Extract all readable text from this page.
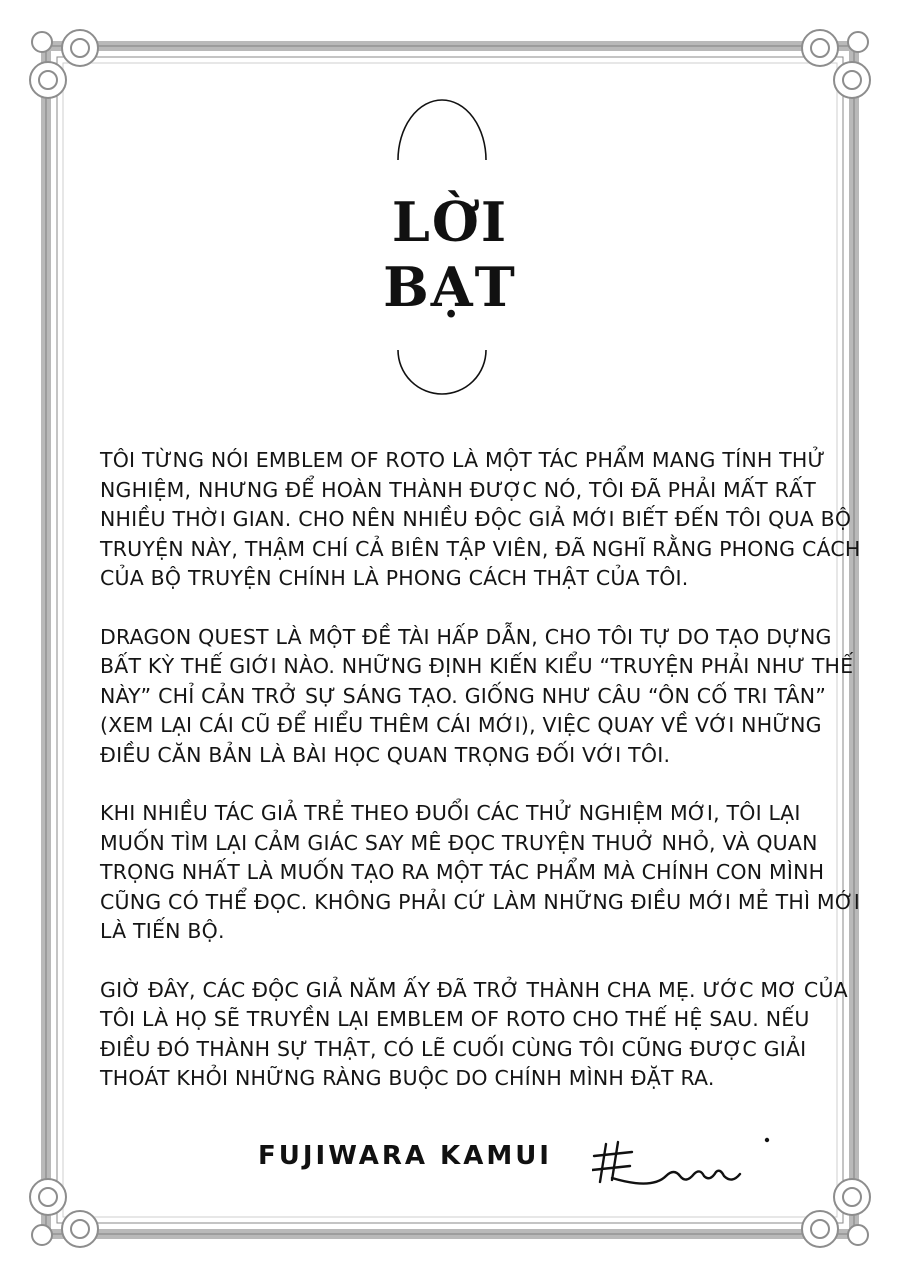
LỜI
BẠT

TÔI TỪNG NÓI EMBLEM OF ROTO LÀ MỘT TÁC PHẨM MANG TÍNH THỬ
NGHIỆM, NHƯNG ĐỂ HOÀN THÀNH ĐƯỢC NÓ, TÔI ĐÃ PHẢI MẤT RẤT
NHIỀU THỜI GIAN. CHO NÊN NHIỀU ĐỘC GIẢ MỚI BIẾT ĐẾN TÔI QUA BỘ
TRUYỆN NÀY, THẬM CHÍ CẢ BIÊN TẬP VIÊN, ĐÃ NGHĨ RẰNG PHONG CÁCH
CỦA BỘ TRUYỆN CHÍNH LÀ PHONG CÁCH THẬT CỦA TÔI.

DRAGON QUEST LÀ MỘT ĐỀ TÀI HẤP DẪN, CHO TÔI TỰ DO TẠO DỰNG
BẤT KỲ THẾ GIỚI NÀO. NHỮNG ĐỊNH KIẾN KIỂU “TRUYỆN PHẢI NHƯ THẾ
NÀY” CHỈ CẢN TRỞ SỰ SÁNG TẠO. GIỐNG NHƯ CÂU “ÔN CỐ TRI TÂN”
(XEM LẠI CÁI CŨ ĐỂ HIỂU THÊM CÁI MỚI), VIỆC QUAY VỀ VỚI NHỮNG
ĐIỀU CĂN BẢN LÀ BÀI HỌC QUAN TRỌNG ĐỐI VỚI TÔI.

KHI NHIỀU TÁC GIẢ TRẺ THEO ĐUỔI CÁC THỬ NGHIỆM MỚI, TÔI LẠI
MUỐN TÌM LẠI CẢM GIÁC SAY MÊ ĐỌC TRUYỆN THUỞ NHỎ, VÀ QUAN
TRỌNG NHẤT LÀ MUỐN TẠO RA MỘT TÁC PHẨM MÀ CHÍNH CON MÌNH
CŨNG CÓ THỂ ĐỌC. KHÔNG PHẢI CỨ LÀM NHỮNG ĐIỀU MỚI MẺ THÌ MỚI
LÀ TIẾN BỘ.

GIỜ ĐÂY, CÁC ĐỘC GIẢ NĂM ẤY ĐÃ TRỞ THÀNH CHA MẸ. ƯỚC MƠ CỦA
TÔI LÀ HỌ SẼ TRUYỀN LẠI EMBLEM OF ROTO CHO THẾ HỆ SAU. NẾU
ĐIỀU ĐÓ THÀNH SỰ THẬT, CÓ LẼ CUỐI CÙNG TÔI CŨNG ĐƯỢC GIẢI
THOÁT KHỎI NHỮNG RÀNG BUỘC DO CHÍNH MÌNH ĐẶT RA.

FUJIWARA KAMUI
